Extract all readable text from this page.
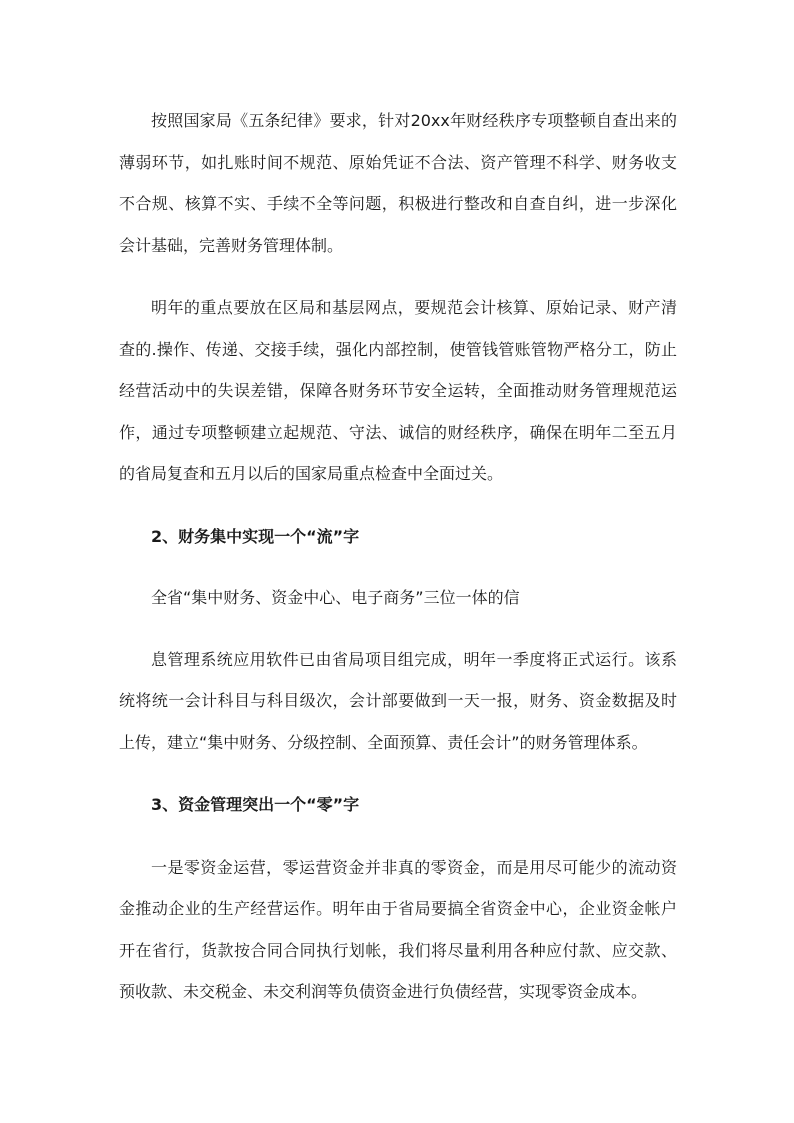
按照国家局《五条纪律》要求，针对20xx年财经秩序专项整顿自查出来的薄弱环节，如扎账时间不规范、原始凭证不合法、资产管理不科学、财务收支不合规、核算不实、手续不全等问题，积极进行整改和自查自纠，进一步深化会计基础，完善财务管理体制。

明年的重点要放在区局和基层网点，要规范会计核算、原始记录、财产清查的.操作、传递、交接手续，强化内部控制，使管钱管账管物严格分工，防止经营活动中的失误差错，保障各财务环节安全运转，全面推动财务管理规范运作，通过专项整顿建立起规范、守法、诚信的财经秩序，确保在明年二至五月的省局复查和五月以后的国家局重点检查中全面过关。

2、财务集中实现一个“流”字

全省“集中财务、资金中心、电子商务”三位一体的信

息管理系统应用软件已由省局项目组完成，明年一季度将正式运行。该系统将统一会计科目与科目级次，会计部要做到一天一报，财务、资金数据及时上传，建立“集中财务、分级控制、全面预算、责任会计”的财务管理体系。

3、资金管理突出一个“零”字

一是零资金运营，零运营资金并非真的零资金，而是用尽可能少的流动资金推动企业的生产经营运作。明年由于省局要搞全省资金中心，企业资金帐户开在省行，货款按合同合同执行划帐，我们将尽量利用各种应付款、应交款、预收款、未交税金、未交利润等负债资金进行负债经营，实现零资金成本。
